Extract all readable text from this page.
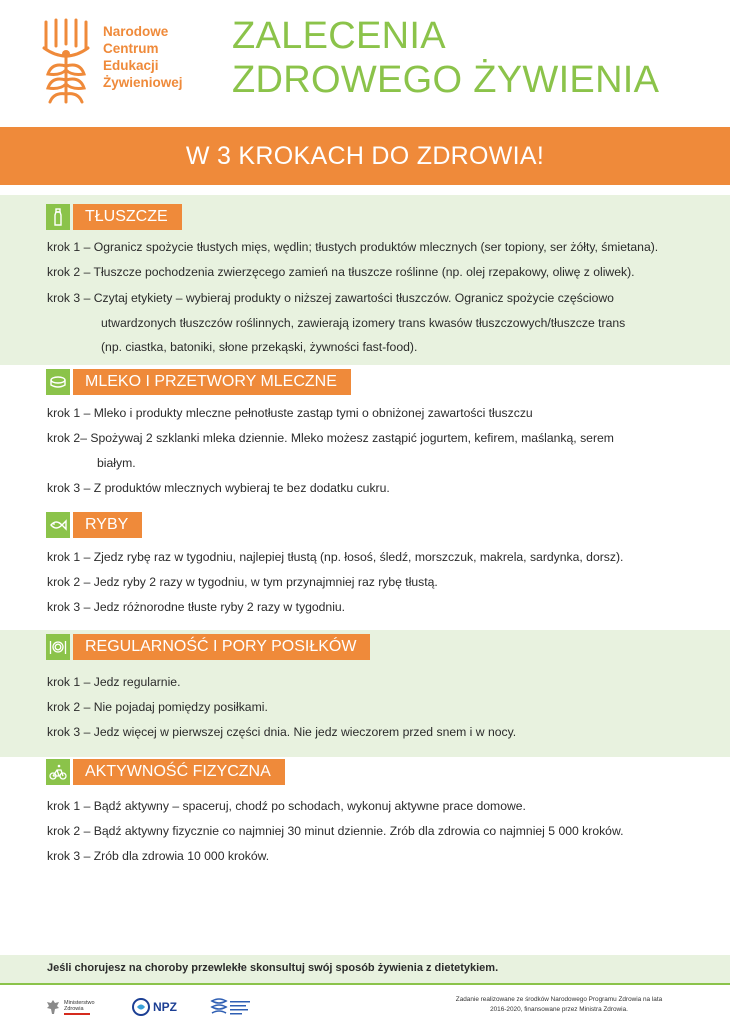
Narodowe
Centrum
Edukacji
Żywieniowej
ZALECENIA
ZDROWEGO ŻYWIENIA
W 3 KROKACH DO ZDROWIA!
TŁUSZCZE
krok 1 – Ogranicz spożycie tłustych mięs, wędlin; tłustych produktów mlecznych (ser topiony, ser żółty, śmietana).
krok 2 – Tłuszcze pochodzenia zwierzęcego zamień na tłuszcze roślinne (np. olej rzepakowy, oliwę z oliwek).
krok 3 – Czytaj etykiety – wybieraj produkty o niższej zawartości tłuszczów. Ogranicz spożycie częściowo
utwardzonych tłuszczów roślinnych, zawierają izomery trans kwasów tłuszczowych/tłuszcze trans
(np. ciastka, batoniki, słone przekąski, żywności fast-food).
MLEKO I PRZETWORY MLECZNE
krok 1 – Mleko i produkty mleczne pełnotłuste zastąp tymi o obniżonej zawartości tłuszczu
krok 2– Spożywaj 2 szklanki mleka dziennie. Mleko możesz zastąpić jogurtem, kefirem, maślanką, serem
białym.
krok 3 – Z produktów mlecznych wybieraj te bez dodatku cukru.
RYBY
krok 1 – Zjedz rybę raz w tygodniu, najlepiej tłustą (np. łosoś, śledź, morszczuk, makrela, sardynka, dorsz).
krok 2 – Jedz ryby 2 razy w tygodniu, w tym przynajmniej raz rybę tłustą.
krok 3 – Jedz różnorodne tłuste ryby 2 razy w tygodniu.
REGULARNOŚĆ I PORY POSIŁKÓW
krok 1 – Jedz regularnie.
krok 2 – Nie pojadaj pomiędzy posiłkami.
krok 3 – Jedz więcej w pierwszej części dnia. Nie jedz wieczorem przed snem i w nocy.
AKTYWNOŚĆ FIZYCZNA
krok 1 – Bądź aktywny – spaceruj, chodź po schodach, wykonuj aktywne prace domowe.
krok 2 – Bądź aktywny fizycznie co najmniej 30 minut dziennie. Zrób dla zdrowia co najmniej 5 000 kroków.
krok 3 – Zrób dla zdrowia 10 000 kroków.
Jeśli chorujesz na choroby przewlekłe skonsultuj swój sposób żywienia z dietetykiem.
Ministerstwo
Zdrowia	NPZ
Zadanie realizowane ze środków Narodowego Programu Zdrowia na lata
2016-2020, finansowane przez Ministra Zdrowia.
